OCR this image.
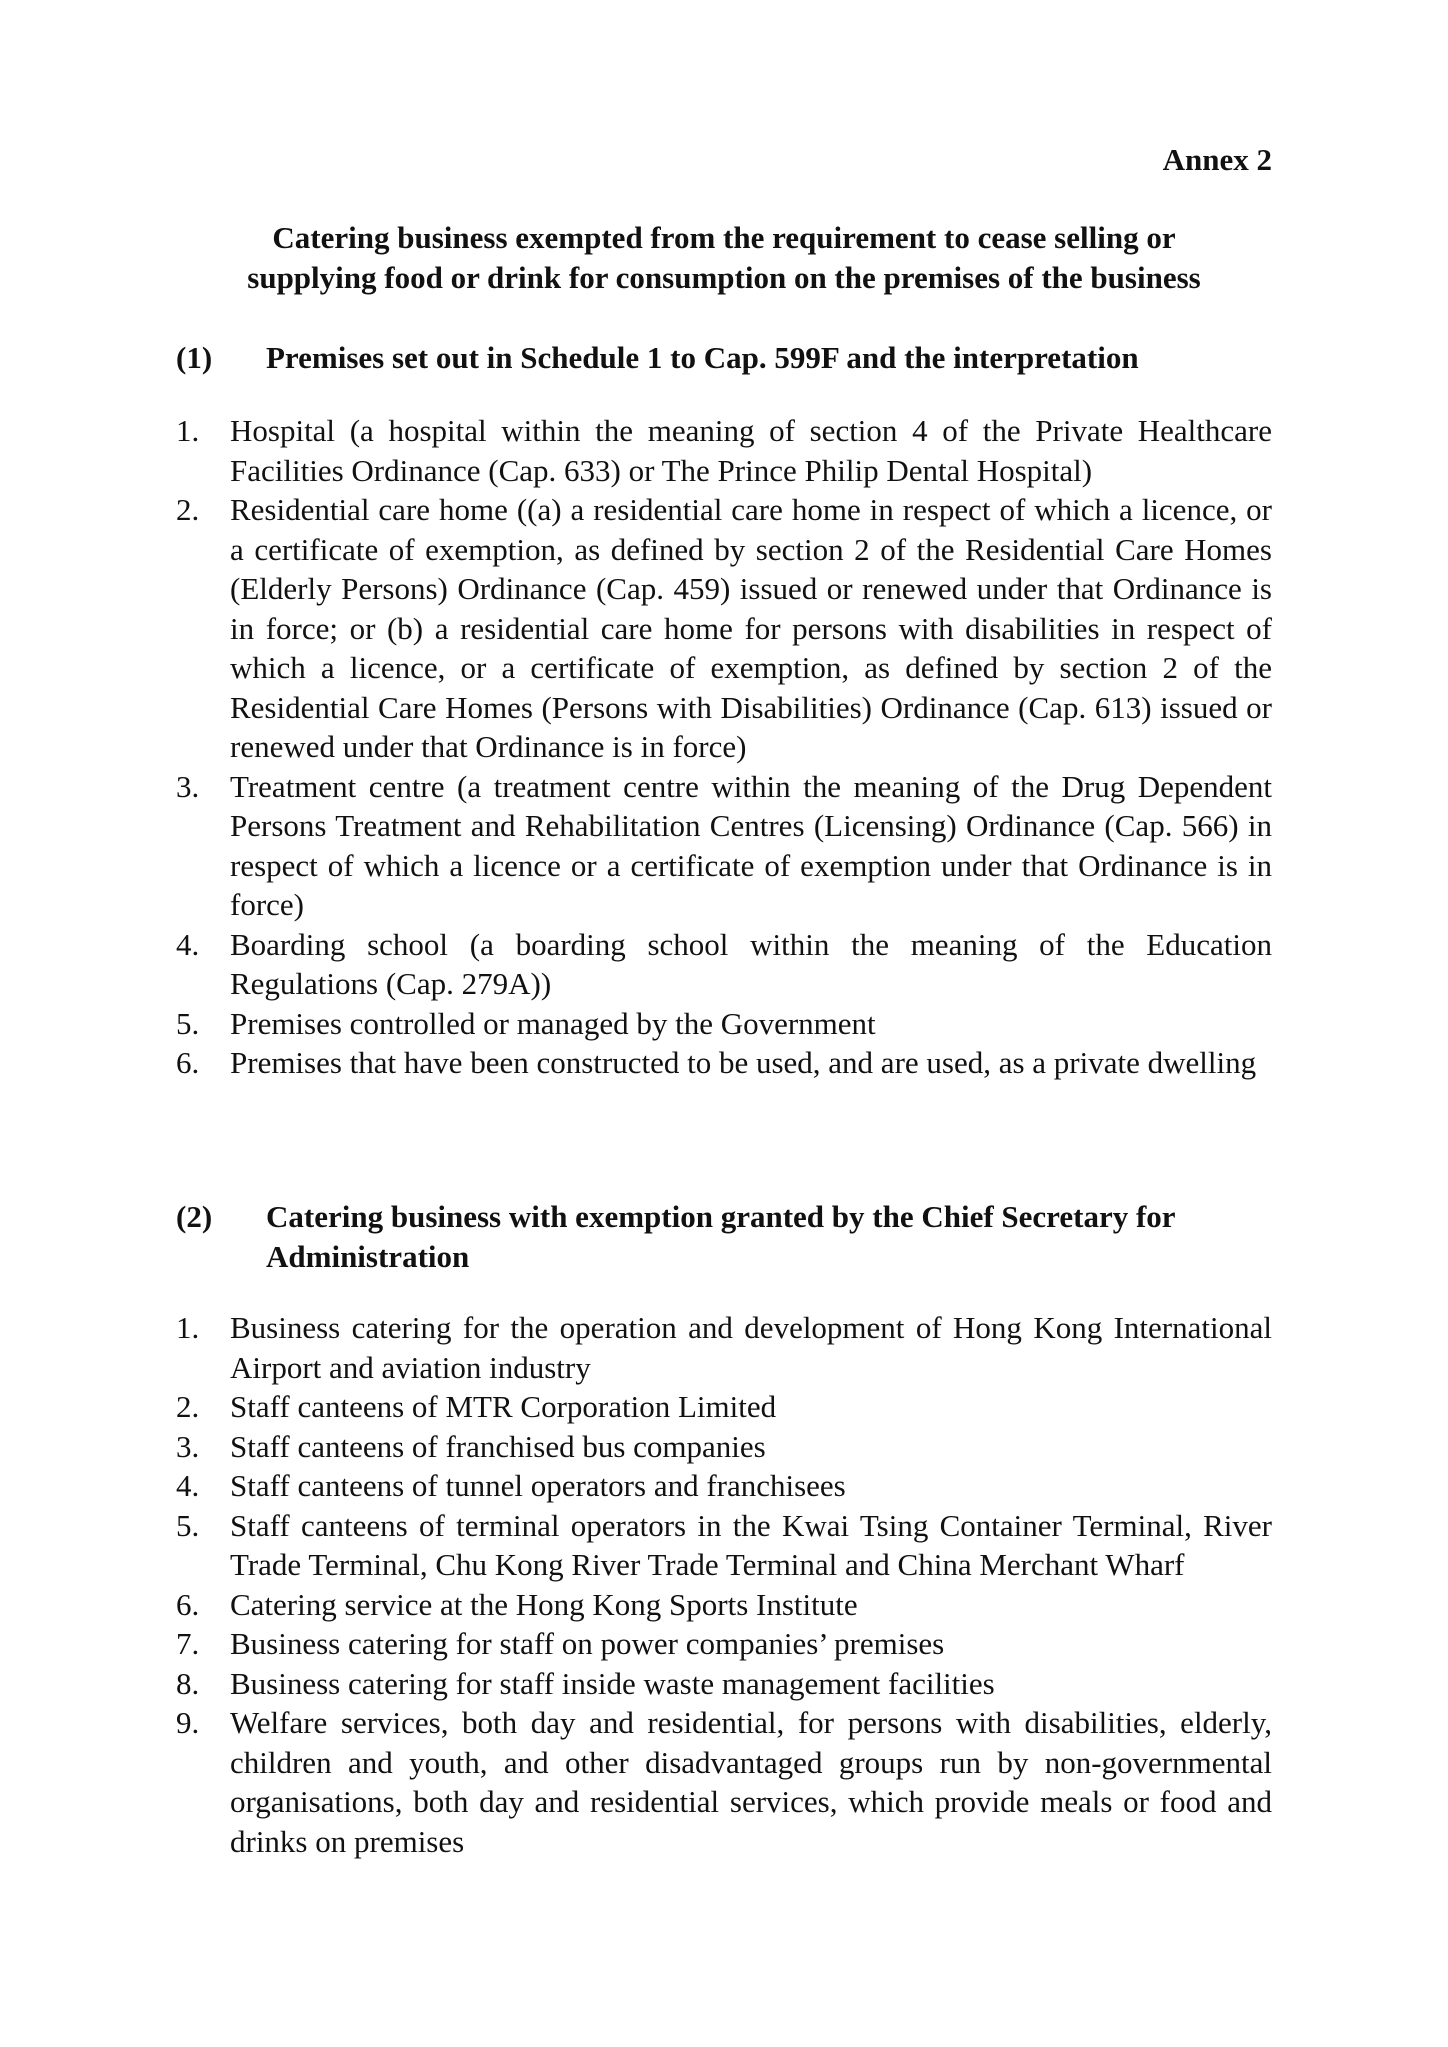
Annex 2
Catering business exempted from the requirement to cease selling or
supplying food or drink for consumption on the premises of the business
(1)	Premises set out in Schedule 1 to Cap. 599F and the interpretation
1. Hospital (a hospital within the meaning of section 4 of the Private Healthcare Facilities Ordinance (Cap. 633) or The Prince Philip Dental Hospital)
2. Residential care home ((a) a residential care home in respect of which a licence, or a certificate of exemption, as defined by section 2 of the Residential Care Homes (Elderly Persons) Ordinance (Cap. 459) issued or renewed under that Ordinance is in force; or (b) a residential care home for persons with disabilities in respect of which a licence, or a certificate of exemption, as defined by section 2 of the Residential Care Homes (Persons with Disabilities) Ordinance (Cap. 613) issued or renewed under that Ordinance is in force)
3. Treatment centre (a treatment centre within the meaning of the Drug Dependent Persons Treatment and Rehabilitation Centres (Licensing) Ordinance (Cap. 566) in respect of which a licence or a certificate of exemption under that Ordinance is in force)
4. Boarding school (a boarding school within the meaning of the Education Regulations (Cap. 279A))
5. Premises controlled or managed by the Government
6. Premises that have been constructed to be used, and are used, as a private dwelling
(2)	Catering business with exemption granted by the Chief Secretary for Administration
1. Business catering for the operation and development of Hong Kong International Airport and aviation industry
2. Staff canteens of MTR Corporation Limited
3. Staff canteens of franchised bus companies
4. Staff canteens of tunnel operators and franchisees
5. Staff canteens of terminal operators in the Kwai Tsing Container Terminal, River Trade Terminal, Chu Kong River Trade Terminal and China Merchant Wharf
6. Catering service at the Hong Kong Sports Institute
7. Business catering for staff on power companies’ premises
8. Business catering for staff inside waste management facilities
9. Welfare services, both day and residential, for persons with disabilities, elderly, children and youth, and other disadvantaged groups run by non-governmental organisations, both day and residential services, which provide meals or food and drinks on premises
